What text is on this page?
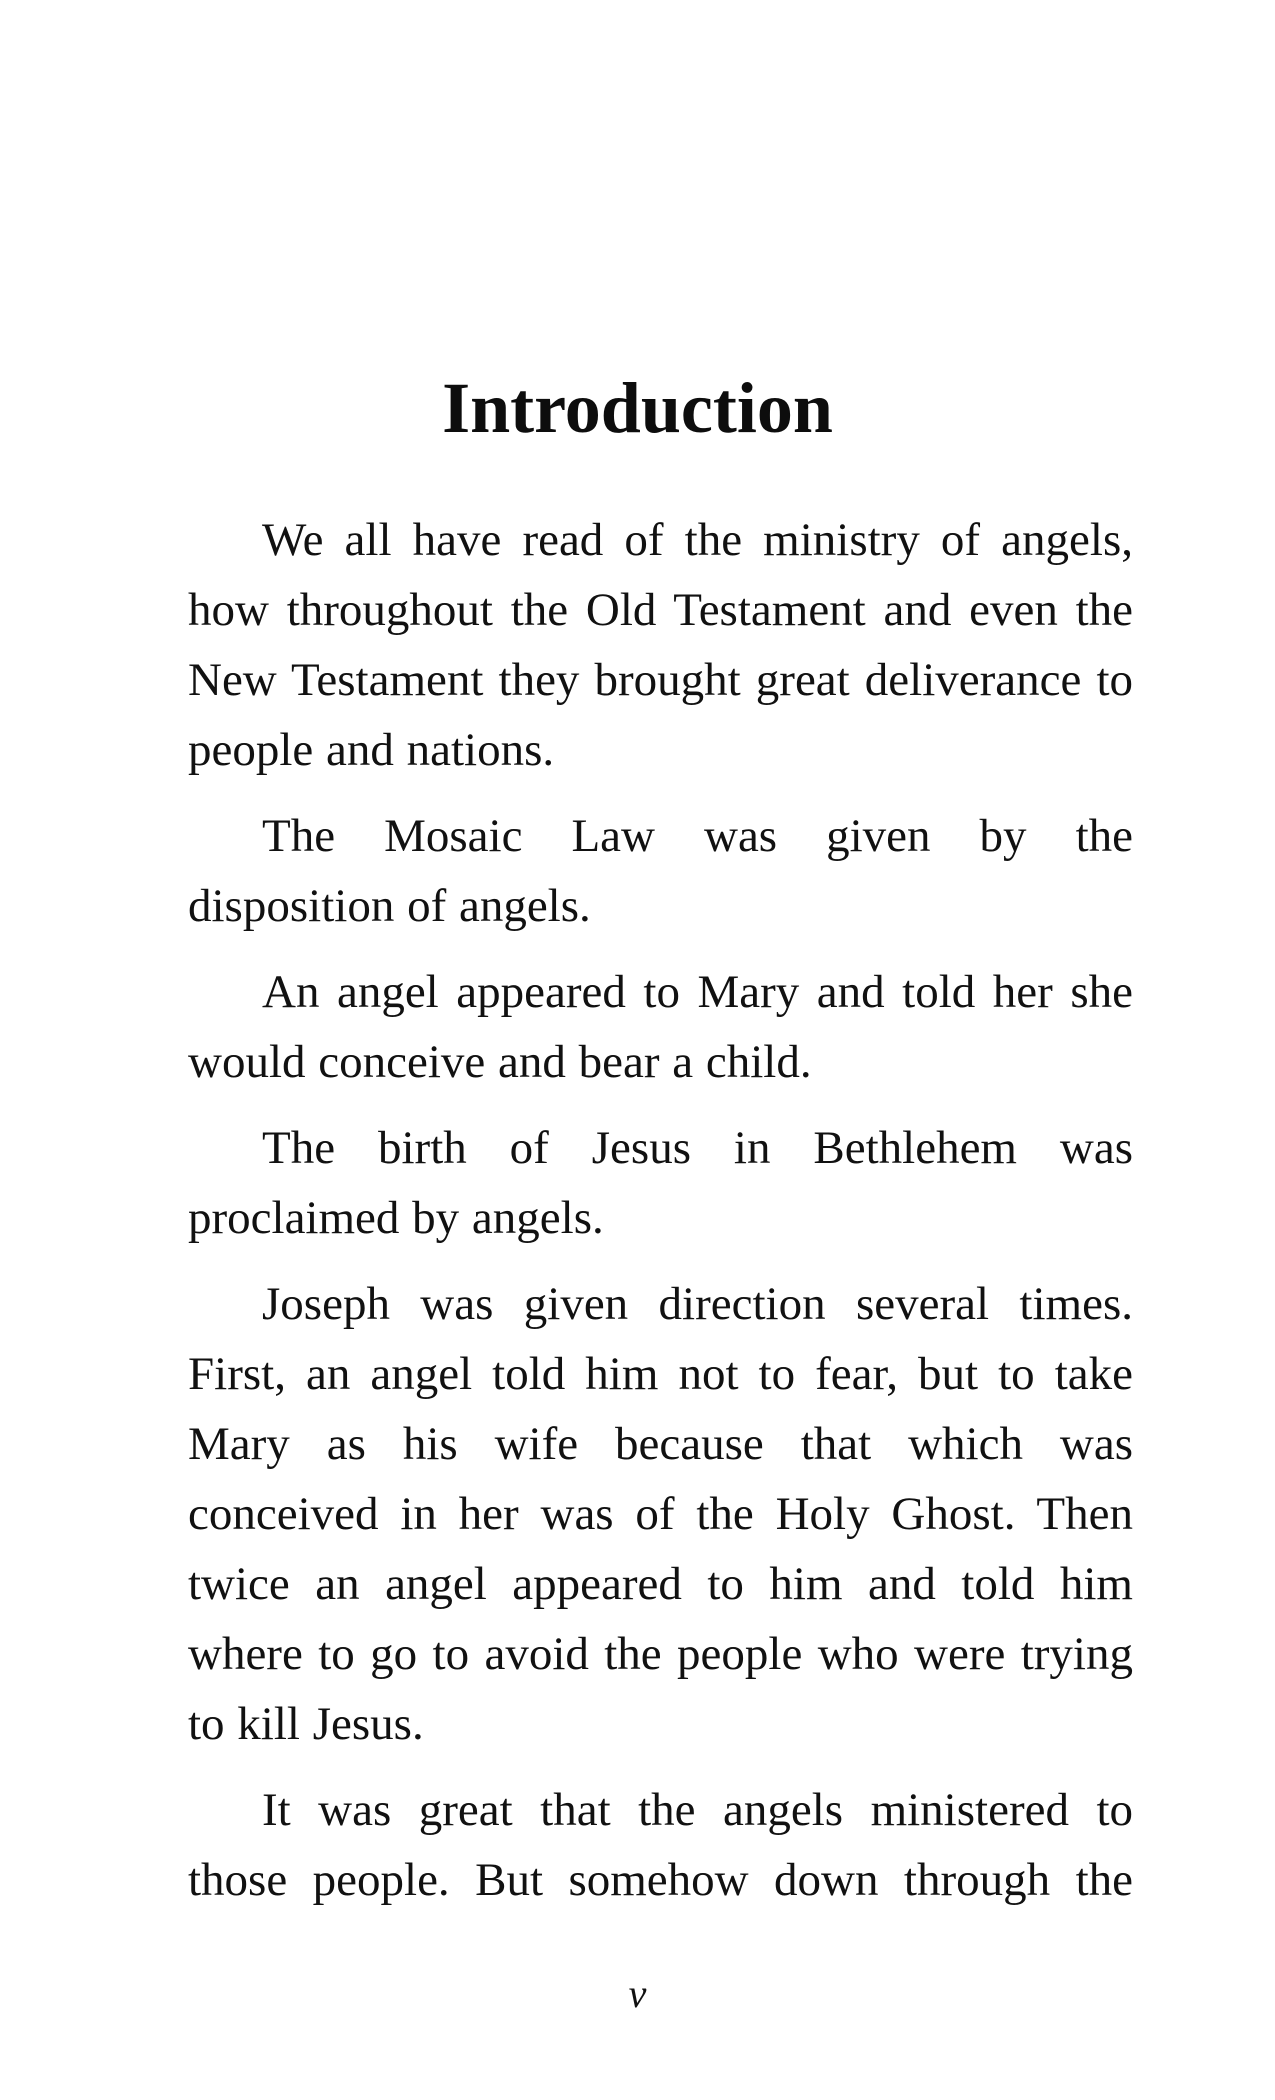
Introduction

We all have read of the ministry of angels, how throughout the Old Testament and even the New Testament they brought great deliverance to people and nations.

The Mosaic Law was given by the disposition of angels.

An angel appeared to Mary and told her she would conceive and bear a child.

The birth of Jesus in Bethlehem was proclaimed by angels.

Joseph was given direction several times. First, an angel told him not to fear, but to take Mary as his wife because that which was conceived in her was of the Holy Ghost. Then twice an angel appeared to him and told him where to go to avoid the people who were trying to kill Jesus.

It was great that the angels ministered to those people. But somehow down through the

v
